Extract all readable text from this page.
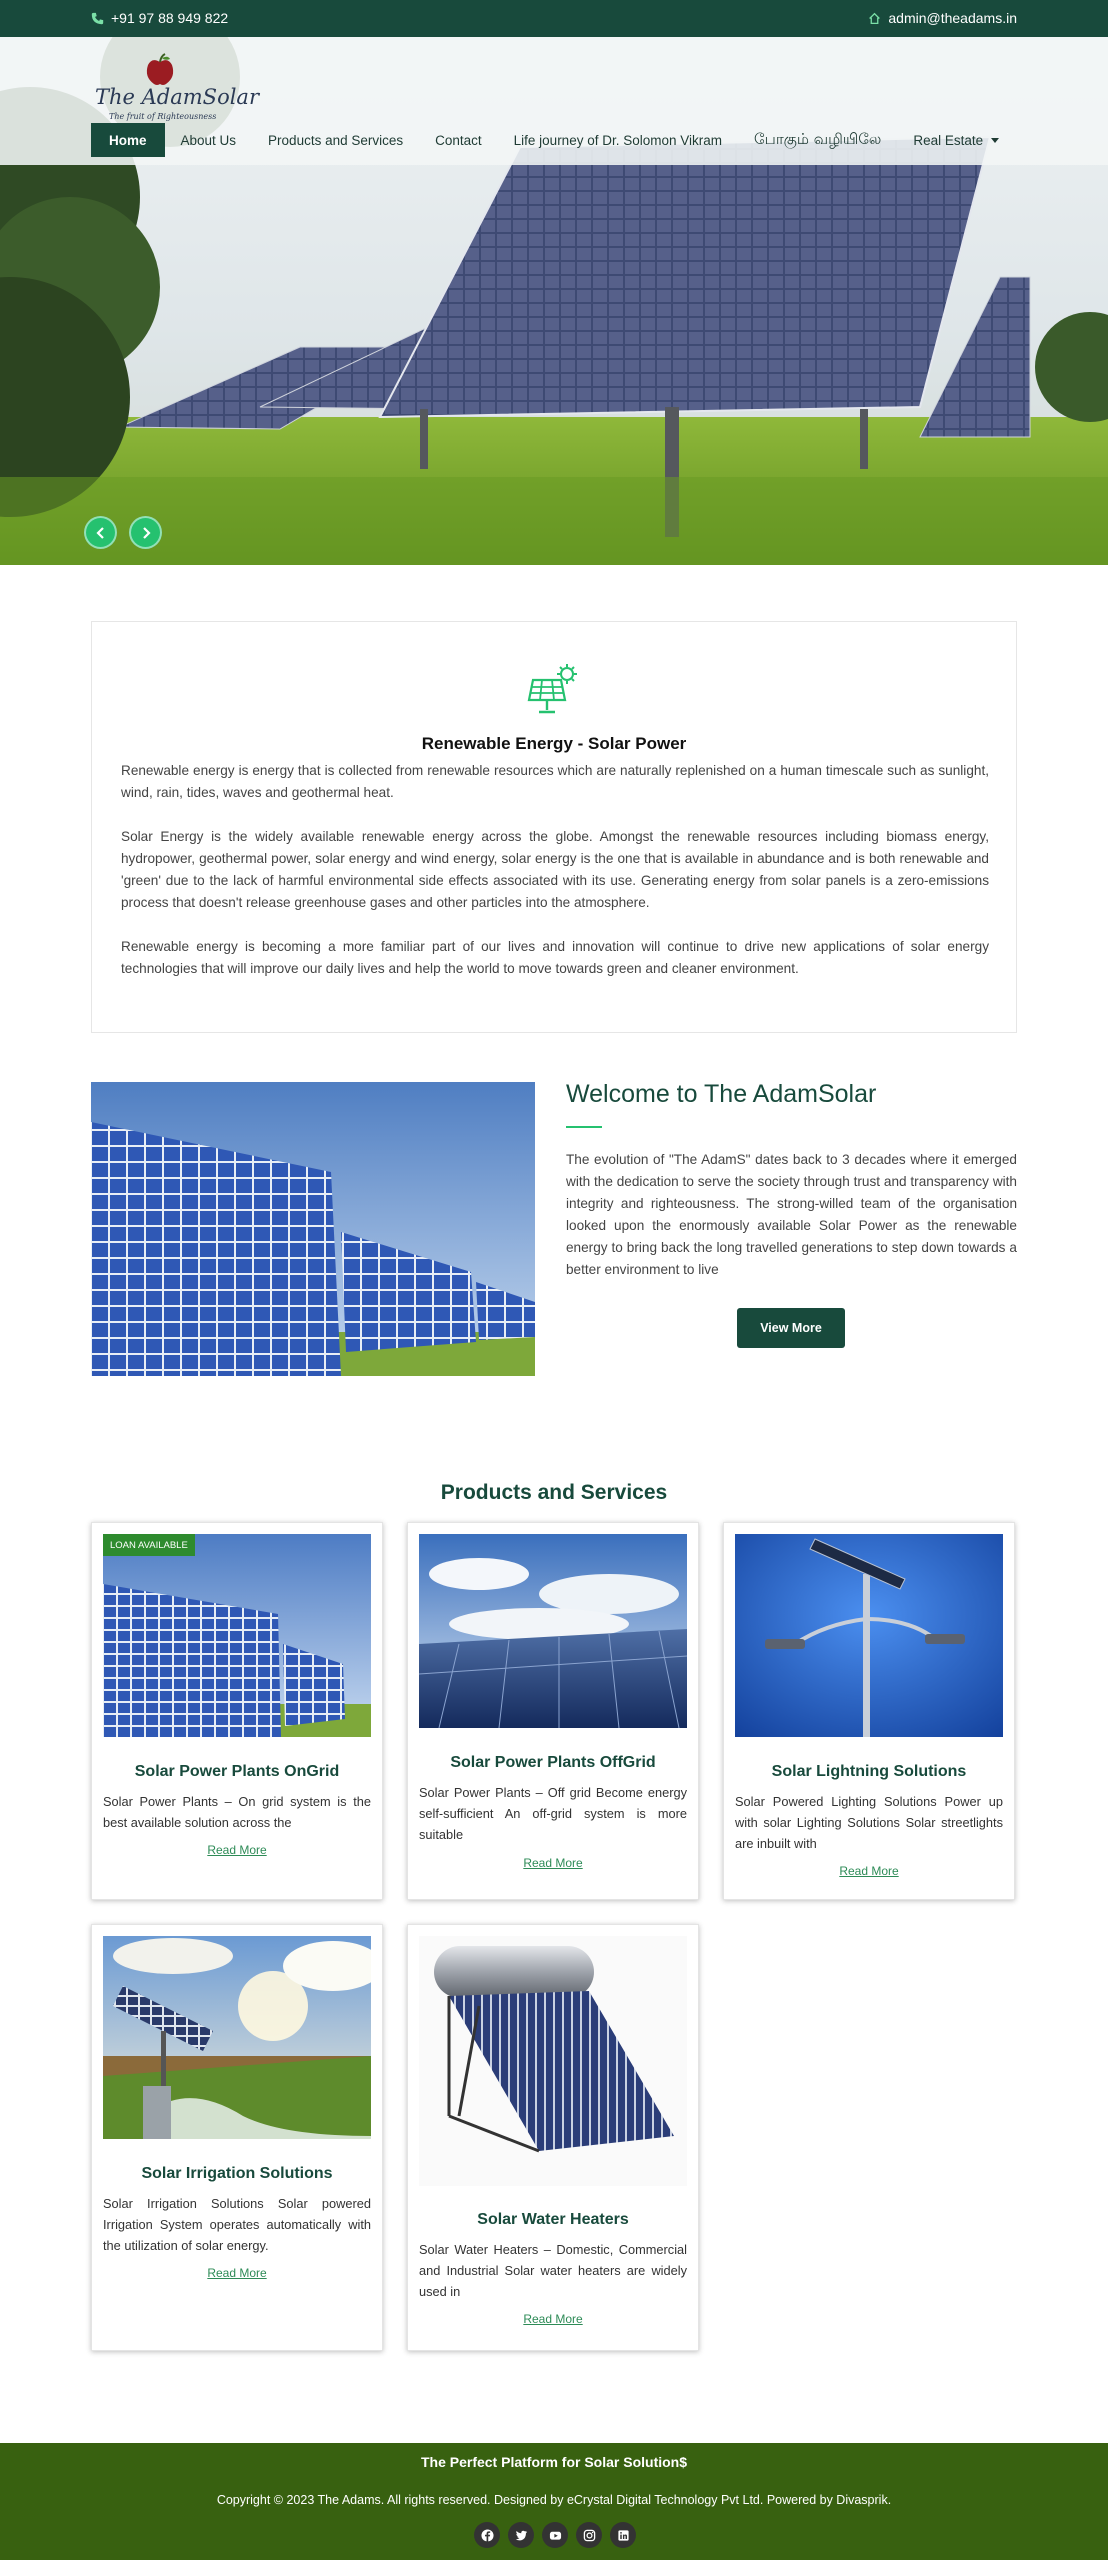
+91 97 88 949 822	admin@theadams.in
The AdamSolar
The fruit of Righteousness
Home	About Us	Products and Services	Contact	Life journey of Dr. Solomon Vikram	போகும் வழியிலே	Real Estate
Renewable Energy - Solar Power

Renewable energy is energy that is collected from renewable resources which are naturally replenished on a human timescale such as sunlight, wind, rain, tides, waves and geothermal heat.

Solar Energy is the widely available renewable energy across the globe. Amongst the renewable resources including biomass energy, hydropower, geothermal power, solar energy and wind energy, solar energy is the one that is available in abundance and is both renewable and 'green' due to the lack of harmful environmental side effects associated with its use. Generating energy from solar panels is a zero-emissions process that doesn't release greenhouse gases and other particles into the atmosphere.

Renewable energy is becoming a more familiar part of our lives and innovation will continue to drive new applications of solar energy technologies that will improve our daily lives and help the world to move towards green and cleaner environment.

Welcome to The AdamSolar

The evolution of "The AdamS" dates back to 3 decades where it emerged with the dedication to serve the society through trust and transparency with integrity and righteousness. The strong-willed team of the organisation looked upon the enormously available Solar Power as the renewable energy to bring back the long travelled generations to step down towards a better environment to live

View More
Products and Services
LOAN AVAILABLE
Solar Power Plants OnGrid
Solar Power Plants – On grid system is the best available solution across the
Read More
Solar Power Plants OffGrid
Solar Power Plants – Off grid Become energy self-sufficient An off-grid system is more suitable
Read More
Solar Lightning Solutions
Solar Powered Lighting Solutions Power up with solar Lighting Solutions Solar streetlights are inbuilt with
Read More
Solar Irrigation Solutions
Solar Irrigation Solutions Solar powered Irrigation System operates automatically with the utilization of solar energy.
Read More
Solar Water Heaters
Solar Water Heaters – Domestic, Commercial and Industrial Solar water heaters are widely used in
Read More
The Perfect Platform for Solar Solution$
Copyright © 2023 The Adams. All rights reserved. Designed by eCrystal Digital Technology Pvt Ltd. Powered by Divasprik.
